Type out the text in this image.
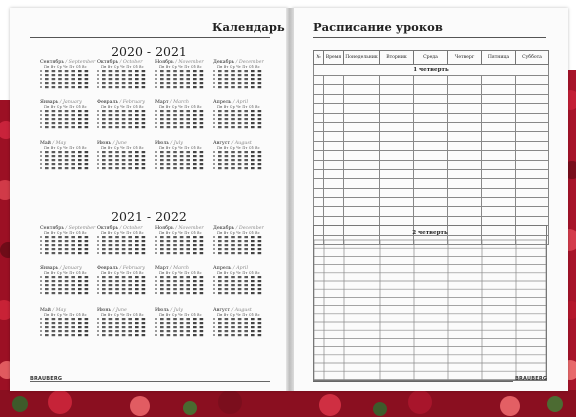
Календарь
2020 - 2021
2021 - 2022
Сентябрь / September
Пн Вт Ср Чт Пт Сб Вс
Октябрь / October
Пн Вт Ср Чт Пт Сб Вс
Ноябрь / November
Пн Вт Ср Чт Пт Сб Вс
Декабрь / December
Пн Вт Ср Чт Пт Сб Вс
Январь / January
Пн Вт Ср Чт Пт Сб Вс
Февраль / February
Пн Вт Ср Чт Пт Сб Вс
Март / March
Пн Вт Ср Чт Пт Сб Вс
Апрель / April
Пн Вт Ср Чт Пт Сб Вс
Май / May
Пн Вт Ср Чт Пт Сб Вс
Июнь / June
Пн Вт Ср Чт Пт Сб Вс
Июль / July
Пн Вт Ср Чт Пт Сб Вс
Август / August
Пн Вт Ср Чт Пт Сб Вс
Сентябрь / September
Пн Вт Ср Чт Пт Сб Вс
Октябрь / October
Пн Вт Ср Чт Пт Сб Вс
Ноябрь / November
Пн Вт Ср Чт Пт Сб Вс
Декабрь / December
Пн Вт Ср Чт Пт Сб Вс
Январь / January
Пн Вт Ср Чт Пт Сб Вс
Февраль / February
Пн Вт Ср Чт Пт Сб Вс
Март / March
Пн Вт Ср Чт Пт Сб Вс
Апрель / April
Пн Вт Ср Чт Пт Сб Вс
Май / May
Пн Вт Ср Чт Пт Сб Вс
Июнь / June
Пн Вт Ср Чт Пт Сб Вс
Июль / July
Пн Вт Ср Чт Пт Сб Вс
Август / August
Пн Вт Ср Чт Пт Сб Вс
BRAUBERG
Расписание уроков
№	Время	Понедельник	Вторник	Среда	Четверг	Пятница	Суббота
1 четверть							

2 четверть
BRAUBERG
